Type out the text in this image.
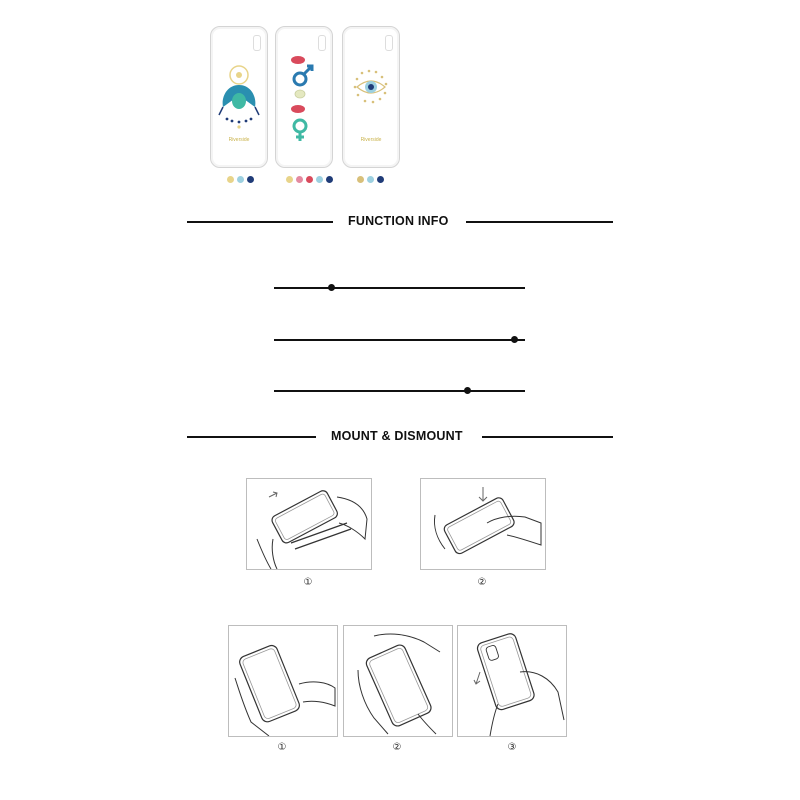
Riverside	Riverside
FUNCTION INFO
MOUNT & DISMOUNT
①	②
①	②	③
